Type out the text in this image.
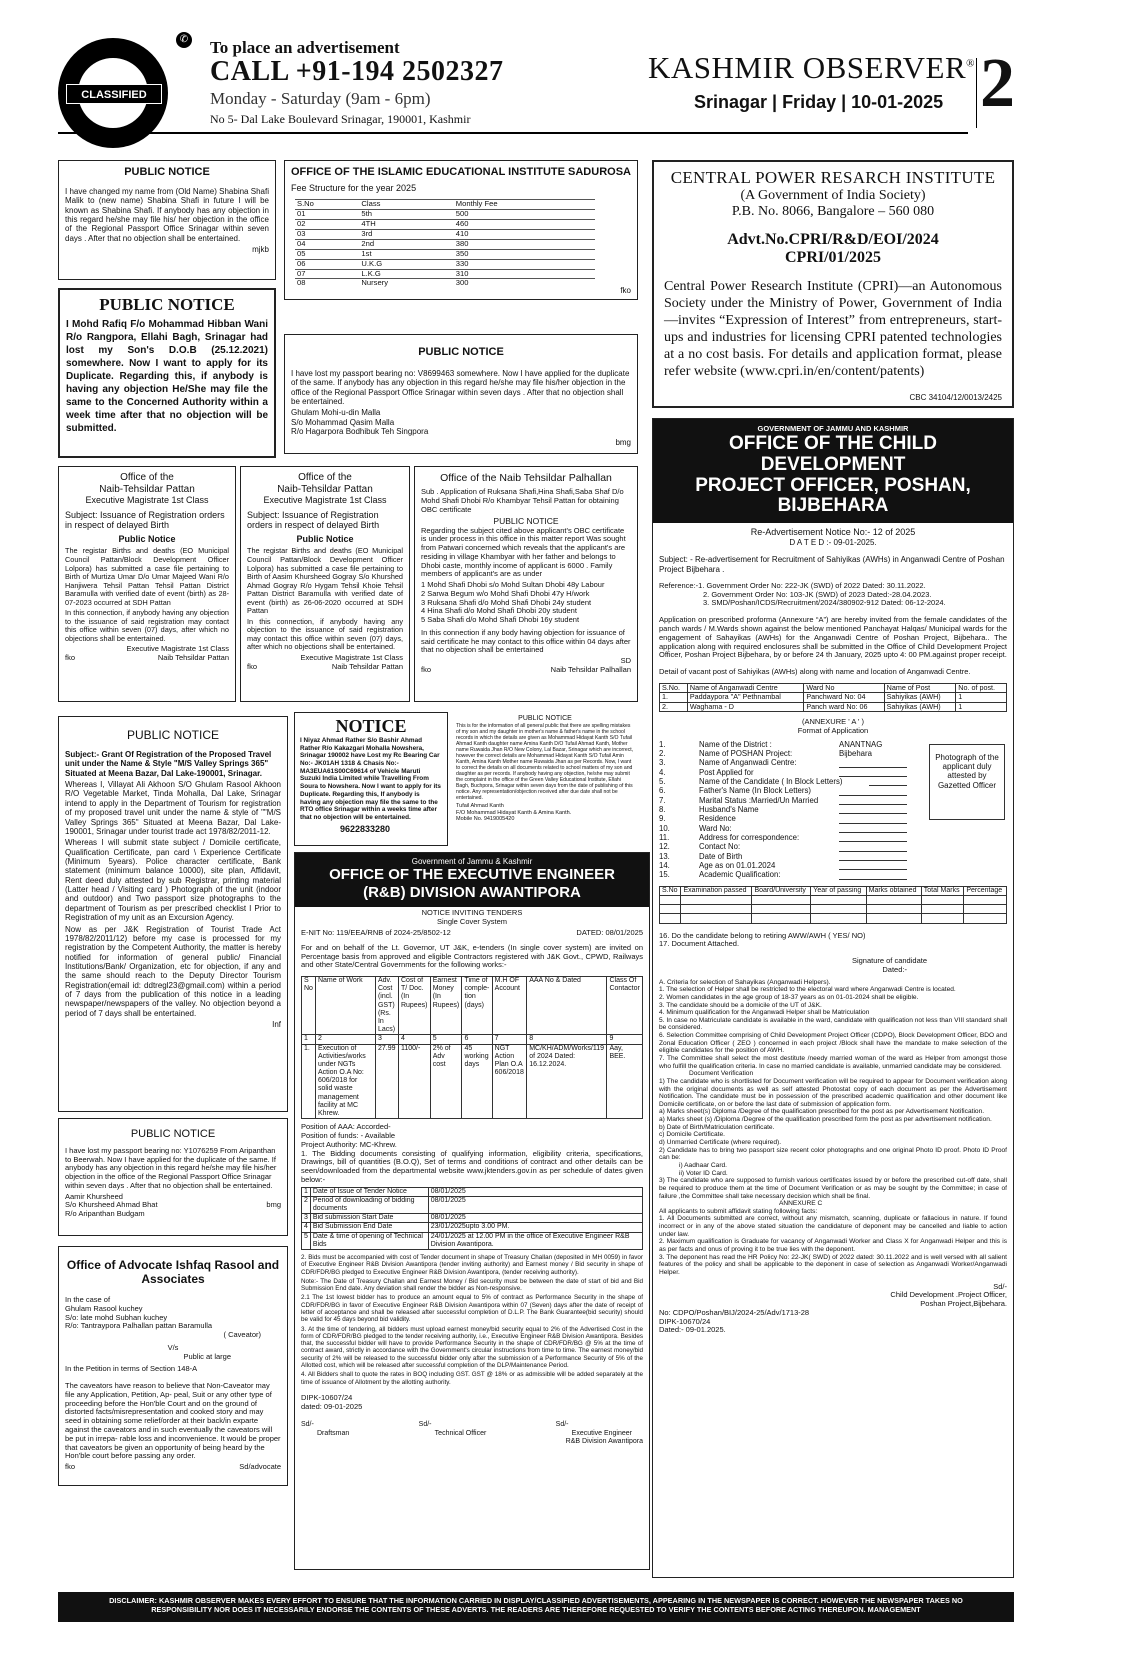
CLASSIFIED
✆ To place an advertisement
CALL +91-194 2502327
Monday - Saturday (9am - 6pm)
No 5- Dal Lake Boulevard Srinagar, 190001, Kashmir
KASHMIR OBSERVER®
Srinagar | Friday | 10-01-2025 2
PUBLIC NOTICE

I have changed my name from (Old Name) Shabina Shafi Malik to (new name) Shabina Shafi in future I will be known as Shabina Shafi. If anybody has any objection in this regard he/she may file his/ her objection in the office of the Regional Passport Office Srinagar within seven days . After that no objection shall be entertained.

mjkb
PUBLIC NOTICE

I Mohd Rafiq F/o Mohammad Hibban Wani R/o Rangpora, Ellahi Bagh, Srinagar had lost my Son's D.O.B (25.12.2021) somewhere. Now I want to apply for its Duplicate. Regarding this, if anybody is having any objection He/She may file the same to the Concerned Authority within a week time after that no objection will be submitted.

OFFICE OF THE ISLAMIC EDUCATIONAL INSTITUTE SADUROSA
Fee Structure for the year 2025
S.No	Class	Monthly Fee
01	5th	500
02	4TH	460
03	3rd	410
04	2nd	380
05	1st	350
06	U.K.G	330
07	L.K.G	310
08	Nursery	300
fko
PUBLIC NOTICE

I have lost my passport bearing no: V8699463 somewhere. Now I have applied for the duplicate of the same. If anybody has any objection in this regard he/she may file his/her objection in the office of the Regional Passport Office Srinagar within seven days . After that no objection shall be entertained.

Ghulam Mohi-u-din Malla
S/o Mohammad Qasim Malla
R/o Hagarpora Bodhibuk Teh Singpora
bmg
Office of the
Naib-Tehsildar Pattan
Executive Magistrate 1st Class
Subject: Issuance of Registration orders in respect of delayed Birth
Public Notice

The registar Births and deaths (EO Municipal Council Pattan/Block Development Officer Lolpora) has submitted a case file pertaining to Birth of Murtiza Umar D/o Umar Majeed Wani R/o Hanjiwera Tehsil Pattan Tehsil Pattan District Baramulla with verified date of event (birth) as 28-07-2023 occurred at SDH Pattan

In this connection, if anybody having any objection to the issuance of said registration may contact this office within seven (07) days, after which no objections shall be entertained.

Executive Magistrate 1st Class
fko	Naib Tehsildar Pattan
Office of the
Naib-Tehsildar Pattan
Executive Magistrate 1st Class
Subject: Issuance of Registration orders in respect of delayed Birth
Public Notice

The registar Births and deaths (EO Municipal Council Pattan/Block Development Officer Lolpora) has submitted a case file pertaining to Birth of Aasim Khursheed Gogray S/o Khurshed Ahmad Gogray R/o Hygam Tehsil Khoie Tehsil Pattan District Baramulla with verified date of event (birth) as 26-06-2020 occurred at SDH Pattan

In this connection, if anybody having any objection to the issuance of said registration may contact this office within seven (07) days, after which no objections shall be entertained.

Executive Magistrate 1st Class
fko	Naib Tehsildar Pattan
Office of the Naib Tehsildar Palhallan

Sub . Application of Ruksana Shafi,Hina Shafi,Saba Shaf D/o Mohd Shafi Dhobi R/o Khambyar Tehsil Pattan for obtaining OBC certificate

PUBLIC NOTICE

Regarding the subject cited above applicant's OBC certificate is under process in this office in this matter report Was sought from Patwari concerned which reveals that the applicant's are residing in village Khambyar with her father and belongs to Dhobi caste, monthly income of applicant is 6000 . Family members of applicant's are as under

1 Mohd Shafi Dhobi s/o Mohd Sultan Dhobi 48y Labour
2 Sarwa Begum w/o Mohd Shafi Dhobi 47y H/work
3 Ruksana Shafi d/o Mohd Shafi Dhobi 24y student
4 Hina Shafi d/o Mohd Shafi Dhobi 20y student
5 Saba Shafi d/o Mohd Shafi Dhobi 16y student

In this connection if any body having objection for issuance of said certificate he may contact to this office within 04 days after that no objection shall be entertained

SD
fko	Naib Tehsildar Palhallan
CENTRAL POWER RESARCH INSTITUTE
(A Government of India Society)
P.B. No. 8066, Bangalore – 560 080
Advt.No.CPRI/R&D/EOI/2024
CPRI/01/2025

Central Power Research Institute (CPRI)—an Autonomous Society under the Ministry of Power, Government of India—invites “Expression of Interest” from entrepreneurs, start-ups and industries for licensing CPRI patented technologies at a no cost basis. For details and application format, please refer website (www.cpri.in/en/content/patents)

CBC 34104/12/0013/2425
GOVERNMENT OF JAMMU AND KASHMIR
OFFICE OF THE CHILD DEVELOPMENT
PROJECT OFFICER, POSHAN, BIJBEHARA
Re-Advertisement Notice No:- 12 of 2025
D A T E D :- 09-01-2025.

Subject: - Re-advertisement for Recruitment of Sahiyikas (AWHs) in Anganwadi Centre of Poshan Project Bijbehara .

Reference:-1. Government Order No: 222-JK (SWD) of 2022 Dated: 30.11.2022.
2. Government Order No: 103-JK (SWD) of 2023 Dated:-28.04.2023.
3. SMD/Poshan/ICDS/Recruitment/2024/380902-912 Dated: 06-12-2024.

Application on prescribed proforma (Annexure “A”) are hereby invited from the female candidates of the panch wards / M.Wards shown against the below mentioned Panchayat Halqas/ Municipal wards for the engagement of Sahayikas (AWHs) for the Anganwadi Centre of Poshan Project, Bijbehara.. The application along with required enclosures shall be submitted in the Office of Child Development Project Officer, Poshan Project Bijbehara, by or before 24 th January, 2025 upto 4: 00 PM.against proper receipt.

Detail of vacant post of Sahiyikas (AWHs) along with name and location of Anganwadi Centre.

S.No.	Name of Anganwadi Centre	Ward No	Name of Post	No. of post.
1.	Paddaypora "A" Pethnambal	Panchward No: 04	Sahiyikas (AWH)	1
2.	Waghama - D	Panch ward No: 06	Sahiyikas (AWH)	1
(ANNEXURE ' A ' )
Format of Application
Photograph of the applicant duly attested by Gazetted Officer
1.	Name of the District :	ANANTNAG
2.	Name of POSHAN Project:	Bijbehara
3.	Name of Anganwadi Centre:
4.	Post Applied for
5.	Name of the Candidate ( In Block Letters)
6.	Father's Name (In Block Letters)
7.	Marital Status :Married/Un Married
8.	Husband's Name
9.	Residence
10.	Ward No:
11.	Address for correspondence:
12.	Contact No:
13.	Date of Birth
14.	Age as on 01.01.2024
15.	Academic Qualification:
S.No	Examination passed	Board/University	Year of passing	Marks obtained	Total Marks	Percentage

16. Do the candidate belong to retiring AWW/AWH ( YES/ NO)
17. Document Attached.
Signature of candidate
Dated:-
A. Criteria for selection of Sahayikas (Anganwadi Helpers).
1. The selection of Helper shall be restricted to the electoral ward where Anganwadi Centre is located.
2. Women candidates in the age group of 18-37 years as on 01-01-2024 shall be eligible.
3. The candidate should be a domicile of the UT of J&K.
4. Minimum qualification for the Anganwadi Helper shall be Matriculation
5. In case no Matriculate candidate is available in the ward, candidate with qualification not less than VIII standard shall be considered.
6. Selection Committee comprising of Child Development Project Officer (CDPO), Block Development Officer, BDO and Zonal Education Officer ( ZEO ) concerned in each project /Block shall have the mandate to make selection of the eligible candidates for the position of AWH.
7. The Committee shall select the most destitute /needy married woman of the ward as Helper from amongst those who fulfill the qualification criteria. In case no married candidate is available, unmarried candidate may be considered.
Document Verification
1) The candidate who is shortlisted for Document verification will be required to appear for Document verification along with the original documents as well as self attested Photostat copy of each document as per the Advertisement Notification. The candidate must be in possession of the prescribed academic qualification and other document like Domicile certificate, on or before the last date of submission of application form.
a) Marks sheet(s) Diploma /Degree of the qualification prescribed for the post as per Advertisement Notification.
a) Marks sheet (s) /Diploma /Degree of the qualification prescribed form the post as per advertisement notification.
b) Date of Birth/Matriculation certificate.
c) Domicile Certificate.
d) Unmarried Certificate (where required).
2) Candidate has to bring two passport size recent color photographs and one original Photo ID proof. Photo ID Proof can be:
i) Aadhaar Card.
ii) Voter ID Card.
3) The candidate who are supposed to furnish various certificates issued by or before the prescribed cut-off date, shall be required to produce them at the time of Document Verification or as may be sought by the Committee; in case of failure ,the Committee shall take necessary decision which shall be final.
ANNEXURE C
All applicants to submit affidavit stating following facts:
1. All Documents submitted are correct, without any mismatch, scanning, duplicate or fallacious in nature. If found incorrect or in any of the above stated situation the candidature of deponent may be cancelled and liable to action under law.
2. Maximum qualification is Graduate for vacancy of Anganwadi Worker and Class X for Anganwadi Helper and this is as per facts and onus of proving it to be true lies with the deponent.
3. The deponent has read the HR Policy No: 22-JK( SWD) of 2022 dated: 30.11.2022 and is well versed with all salient features of the policy and shall be applicable to the deponent in case of selection as Anganwadi Worker/Anganwadi Helper.
Sd/-
Child Development .Project Officer,
Poshan Project,Bijbehara.
No: CDPO/Poshan/BIJ/2024-25/Adv/1713-28
DIPK-10670/24
Dated:- 09-01.2025.
PUBLIC NOTICE

Subject:- Grant Of Registration of the Proposed Travel unit under the Name & Style "M/S Valley Springs 365" Situated at Meena Bazar, Dal Lake-190001, Srinagar.

Whereas I, Villayat Ali Akhoon S/O Ghulam Rasool Akhoon R/O Vegetable Market, Tinda Mohalla, Dal Lake, Srinagar intend to apply in the Department of Tourism for registration of my proposed travel unit under the name & style of ""M/S Valley Springs 365" Situated at Meena Bazar, Dal Lake-190001, Srinagar under tourist trade act 1978/82/2011-12.

Whereas I will submit state subject / Domicile certificate, Qualification Certificate, pan card \ Experience Certificate (Minimum 5years). Police character certificate, Bank statement (minimum balance 10000), site plan, Affidavit, Rent deed duly attested by sub Registrar, printing material (Latter head / Visiting card ) Photograph of the unit (indoor and outdoor) and Two passport size photographs to the department of Tourism as per prescribed checklist I Prior to Registration of my unit as an Excursion Agency.

Now as per J&K Registration of Tourist Trade Act 1978/82/2011/12) before my case is processed for my registration by the Competent Authority, the matter is hereby notified for information of general public/ Financial Institutions/Bank/ Organization, etc for objection, if any and the same should reach to the Deputy Director Tourism Registration(email id: ddtregl23@gmail.com) within a period of 7 days from the publication of this notice in a leading newspaper/newspapers of the valley. No objection beyond a period of 7 days shall be entertained.

Inf
NOTICE

I Niyaz Ahmad Rather S/o Bashir Ahmad Rather R/o Kakazgari Mohalla Nowshera, Srinagar 190002 have Lost my Rc Bearing Car No:- JK01AH 1318 & Chasis No:- MA3EUA61S00C69614 of Vehicle Maruti Suzuki India Limited while Travelling From Soura to Nowshera. Now I want to apply for its Duplicate. Regarding this, If anybody is having any objection may file the same to the RTO office Srinagar within a weeks time after that no objection will be entertained.

9622833280
PUBLIC NOTICE

This is for the information of all general public that there are spelling mistakes of my son and my daughter in mother's name & father's name in the school records in which the details are given as Mohammad Hidayat Kanth S/O Tufail Ahmad Kanth daughter name Amina Kanth D/O Tufail Ahmad Kanth, Mother name Ruwaida Jhan R/O New Colony, Lal Bazar, Srinagar which are incorrect, however the correct details are Mohammad Hidayat Kanth S/O Tufail Amin Kanth, Amina Kanth Mother name Ruwaida Jhan as per Records. Now, I want to correct the details on all documents related to school matters of my son and daughter as per records. If anybody having any objection, he/she may submit the complaint in the office of the Green Valley Educational Institute, Ellahi Bagh, Buchpora, Srinagar within seven days from the date of publishing of this notice. Any representation/objection received after due date shall not be entertained.

Tufail Ahmad Kanth
F/O Mohammad Hidayat Kanth & Amina Kanth.
Mobile No. 9419005420
Government of Jammu & Kashmir
OFFICE OF THE EXECUTIVE ENGINEER
(R&B) DIVISION AWANTIPORA
NOTICE INVITING TENDERS
Single Cover System
E-NIT No: 119/EEA/RNB of 2024-25/8502-12	DATED: 08/01/2025

For and on behalf of the Lt. Governor, UT J&K, e-tenders (In single cover system) are invited on Percentage basis from approved and eligible Contractors registered with J&K Govt., CPWD, Railways and other State/Central Governments for the following works:-

S No	Name of Work	Adv. Cost (incl. GST) (Rs. In Lacs)	Cost of T/ Doc. (In Rupees)	Earnest Money (In Rupees)	Time of comple-tion (days)	M.H OF Account	AAA No & Dated	Class Of Contactor
1	2	3	4	5	6	7	8	9
1.	Execution of Activities/works under NGTs Action O.A No: 606/2018 for solid waste management facility at MC Khrew.	27.99	1100/-	2% of Adv cost	45 working days	NGT Action Plan O.A 606/2018	MC/KH/ADM/Works/119 of 2024 Dated: 16.12.2024.	Aay, BEE.
Position of AAA: Accorded-
Position of funds: - Available
Project Authority: MC-Khrew.

1. The Bidding documents consisting of qualifying information, eligibility criteria, specifications, Drawings, bill of quantities (B.O.Q), Set of terms and conditions of contract and other details can be seen/downloaded from the departmental website www.jktenders.gov.in as per schedule of dates given below:-

1	Date of Issue of Tender Notice	08/01/2025
2	Period of downloading of bidding documents	08/01/2025
3	Bid submission Start Date	08/01/2025
4	Bid Submission End Date	23/01/2025upto 3.00 PM.
5	Date & time of opening of Technical Bids	24/01/2025 at 12.00 PM in the office of Executive Engineer R&B Division Awantipora.

2. Bids must be accompanied with cost of Tender document in shape of Treasury Challan (deposited in MH 0059) in favor of Executive Engineer R&B Division Awantipora (tender inviting authority) and Earnest money / Bid security in shape of CDR/FDR/BG pledged to Executive Engineer R&B Division Awantipora, (tender receiving authority).

Note:- The Date of Treasury Challan and Earnest Money / Bid security must be between the date of start of bid and Bid Submission End date. Any deviation shall render the bidder as Non-responsive.

2.1 The 1st lowest bidder has to produce an amount equal to 5% of contract as Performance Security in the shape of CDR/FDR/BG in favor of Executive Engineer R&B Division Awantipora within 07 (Seven) days after the date of receipt of letter of acceptance and shall be released after successful completion of D.L.P. The Bank Guarantee(bid security) should be valid for 45 days beyond bid validity.

3. At the time of tendering, all bidders must upload earnest money/bid security equal to 2% of the Advertised Cost in the form of CDR/FDR/BG pledged to the tender receiving authority, i.e., Executive Engineer R&B Division Awantipora. Besides that, the successful bidder will have to provide Performance Security in the shape of CDR/FDR/BG @ 5% at the time of contract award, strictly in accordance with the Government's circular instructions from time to time. The earnest money/bid security of 2% will be released to the successful bidder only after the submission of a Performance Security of 5% of the Allotted cost, which will be released after successful completion of the DLP/Maintenance Period.

4. All Bidders shall to quote the rates in BOQ including GST. GST @ 18% or as admissible will be added separately at the time of issuance of Allotment by the allotting authority.

DIPK-10607/24
dated: 09-01-2025
Sd/-
Draftsman
Sd/-
Technical Officer
Sd/-
Executive Engineer
R&B Division Awantipora
PUBLIC NOTICE

I have lost my passport bearing no: Y1076259 From Aripanthan to Beerwah. Now I have applied for the duplicate of the same. If anybody has any objection in this regard he/she may file his/her objection in the office of the Regional Passport Office Srinagar within seven days . After that no objection shall be entertained.

Aamir Khursheed
S/o Khursheed Ahmad Bhat	bmg
R/o Aripanthan Budgam
Office of Advocate Ishfaq Rasool and Associates
In the case of
Ghulam Rasool kuchey
S/o: late mohd Subhan kuchey
R/o: Tantraypora Palhallan pattan Baramulla
( Caveator)
V/s
Public at large
In the Petition in terms of Section 148-A

The caveators have reason to believe that Non-Caveator may file any Application, Petition, Ap- peal, Suit or any other type of proceeding before the Hon'ble Court and on the ground of distorted facts/misrepresentation and cooked story and may seed in obtaining some relief/order at their back/in exparte against the caveators and in such eventually the caveators will be put in irrepa- rable loss and inconvenience. It would be proper that caveators be given an opportunity of being heard by the Hon'ble court before passing any order.

fko	Sd/advocate
DISCLAIMER: KASHMIR OBSERVER MAKES EVERY EFFORT TO ENSURE THAT THE INFORMATION CARRIED IN DISPLAY/CLASSIFIED ADVERTISEMENTS, APPEARING IN THE NEWSPAPER IS CORRECT. HOWEVER THE NEWSPAPER TAKES NO RESPONSIBILITY NOR DOES IT NECESSARILY ENDORSE THE CONTENTS OF THESE ADVERTS. THE READERS ARE THEREFORE REQUESTED TO VERIFY THE CONTENTS BEFORE ACTING THEREUPON. MANAGEMENT
